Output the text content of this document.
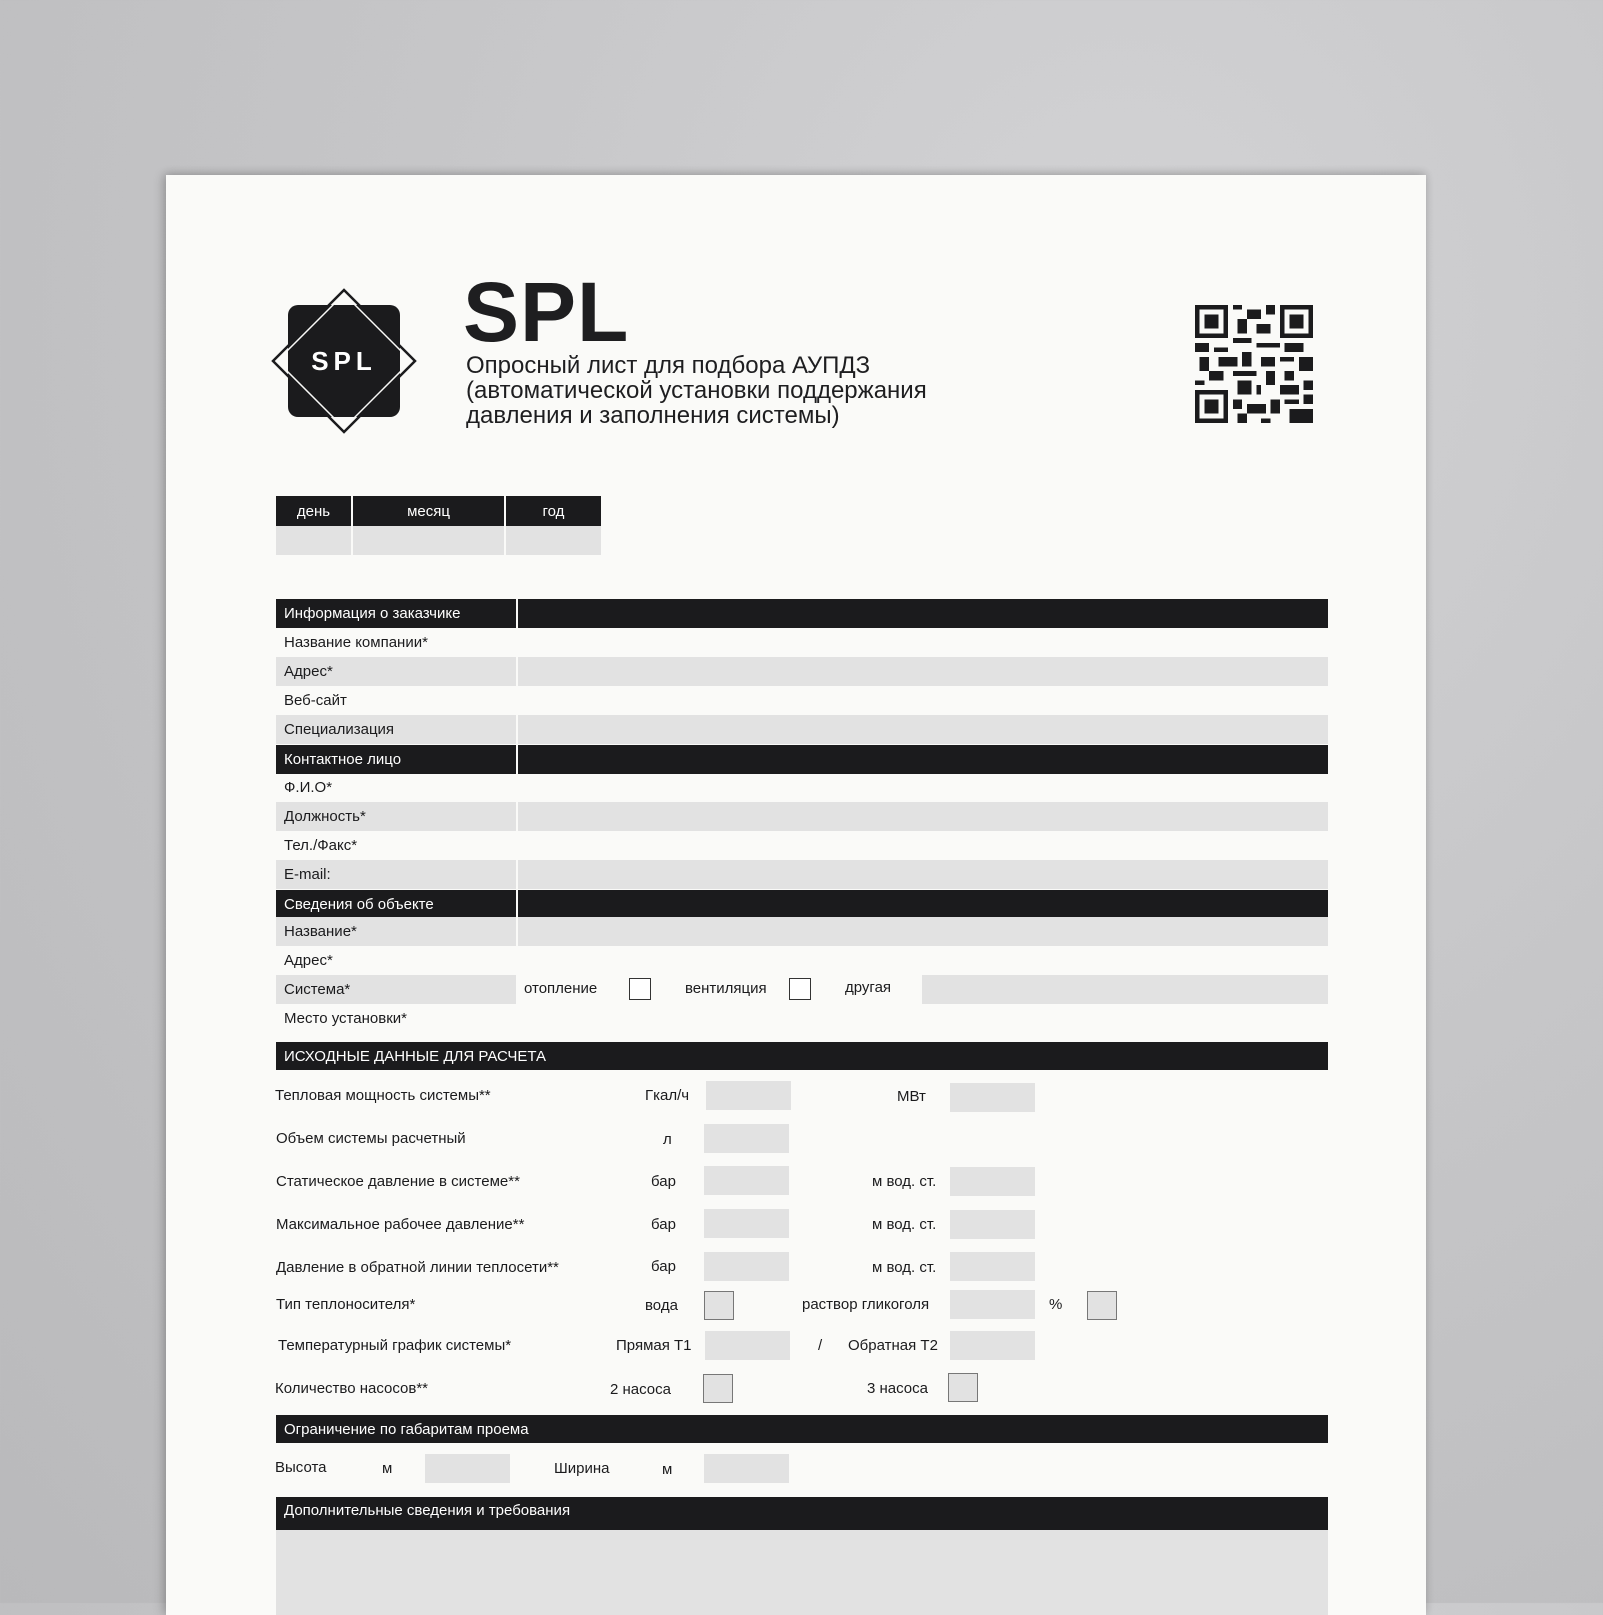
SPL
SPL
Опросный лист для подбора АУПДЗ
(автоматической установки поддержания
давления и заполнения системы)
день	месяц	год
Информация о заказчике
Название компании*
Адрес*
Веб-сайт
Специализация
Контактное лицо
Ф.И.О*
Должность*
Тел./Факс*
E-mail:
Сведения об объекте
Название*
Адрес*
Система*	отопление	вентиляция	другая
Место установки*
ИСХОДНЫЕ ДАННЫЕ ДЛЯ РАСЧЕТА
Тепловая мощность системы**	Гкал/ч	МВт
Объем системы расчетный	л
Статическое давление в системе**	бар	м вод. ст.
Максимальное рабочее давление**	бар	м вод. ст.
Давление в обратной линии теплосети**	бар	м вод. ст.
Тип теплоносителя*	вода	раствор гликоголя	%
Температурный график системы*	Прямая Т1	/ Обратная Т2
Количество насосов**	2 насоса	3 насоса
Ограничение по габаритам проема
Высота	м	Ширина	м
Дополнительные сведения и требования
